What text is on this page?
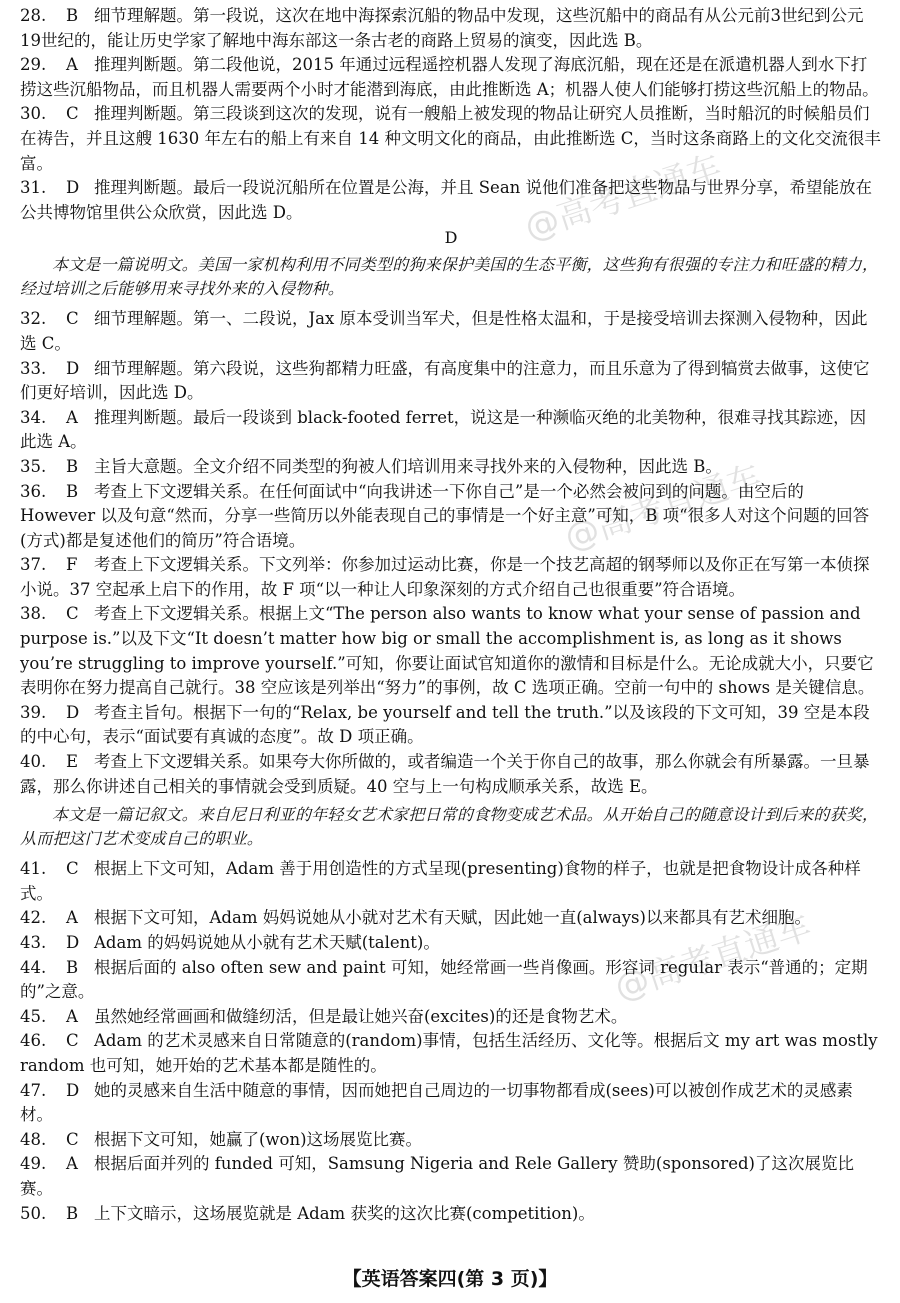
@高考直通车
@高考直通车
@高考直通车

28. B 细节理解题。第一段说，这次在地中海探索沉船的物品中发现，这些沉船中的商品有从公元前3世纪到公元19世纪的，能让历史学家了解地中海东部这一条古老的商路上贸易的演变，因此选 B。

29. A 推理判断题。第二段他说，2015 年通过远程遥控机器人发现了海底沉船，现在还是在派遣机器人到水下打捞这些沉船物品，而且机器人需要两个小时才能潜到海底，由此推断选 A；机器人使人们能够打捞这些沉船上的物品。

30. C 推理判断题。第三段谈到这次的发现，说有一艘船上被发现的物品让研究人员推断，当时船沉的时候船员们在祷告，并且这艘 1630 年左右的船上有来自 14 种文明文化的商品，由此推断选 C，当时这条商路上的文化交流很丰富。

31. D 推理判断题。最后一段说沉船所在位置是公海，并且 Sean 说他们准备把这些物品与世界分享，希望能放在公共博物馆里供公众欣赏，因此选 D。

D

本文是一篇说明文。美国一家机构利用不同类型的狗来保护美国的生态平衡，这些狗有很强的专注力和旺盛的精力，经过培训之后能够用来寻找外来的入侵物种。

32. C 细节理解题。第一、二段说，Jax 原本受训当军犬，但是性格太温和，于是接受培训去探测入侵物种，因此选 C。

33. D 细节理解题。第六段说，这些狗都精力旺盛，有高度集中的注意力，而且乐意为了得到犒赏去做事，这使它们更好培训，因此选 D。

34. A 推理判断题。最后一段谈到 black-footed ferret，说这是一种濒临灭绝的北美物种，很难寻找其踪迹，因此选 A。

35. B 主旨大意题。全文介绍不同类型的狗被人们培训用来寻找外来的入侵物种，因此选 B。

36. B 考查上下文逻辑关系。在任何面试中“向我讲述一下你自己”是一个必然会被问到的问题。由空后的 However 以及句意“然而，分享一些简历以外能表现自己的事情是一个好主意”可知，B 项“很多人对这个问题的回答(方式)都是复述他们的简历”符合语境。

37. F 考查上下文逻辑关系。下文列举：你参加过运动比赛，你是一个技艺高超的钢琴师以及你正在写第一本侦探小说。37 空起承上启下的作用，故 F 项“以一种让人印象深刻的方式介绍自己也很重要”符合语境。

38. C 考查上下文逻辑关系。根据上文“The person also wants to know what your sense of passion and purpose is.”以及下文“It doesn’t matter how big or small the accomplishment is, as long as it shows you’re struggling to improve yourself.”可知，你要让面试官知道你的激情和目标是什么。无论成就大小，只要它表明你在努力提高自己就行。38 空应该是列举出“努力”的事例，故 C 选项正确。空前一句中的 shows 是关键信息。

39. D 考查主旨句。根据下一句的“Relax, be yourself and tell the truth.”以及该段的下文可知，39 空是本段的中心句，表示“面试要有真诚的态度”。故 D 项正确。

40. E 考查上下文逻辑关系。如果夸大你所做的，或者编造一个关于你自己的故事，那么你就会有所暴露。一旦暴露，那么你讲述自己相关的事情就会受到质疑。40 空与上一句构成顺承关系，故选 E。

本文是一篇记叙文。来自尼日利亚的年轻女艺术家把日常的食物变成艺术品。从开始自己的随意设计到后来的获奖，从而把这门艺术变成自己的职业。

41. C 根据上下文可知，Adam 善于用创造性的方式呈现(presenting)食物的样子，也就是把食物设计成各种样式。

42. A 根据下文可知，Adam 妈妈说她从小就对艺术有天赋，因此她一直(always)以来都具有艺术细胞。

43. D Adam 的妈妈说她从小就有艺术天赋(talent)。

44. B 根据后面的 also often sew and paint 可知，她经常画一些肖像画。形容词 regular 表示“普通的；定期的”之意。

45. A 虽然她经常画画和做缝纫活，但是最让她兴奋(excites)的还是食物艺术。

46. C Adam 的艺术灵感来自日常随意的(random)事情，包括生活经历、文化等。根据后文 my art was mostly random 也可知，她开始的艺术基本都是随性的。

47. D 她的灵感来自生活中随意的事情，因而她把自己周边的一切事物都看成(sees)可以被创作成艺术的灵感素材。

48. C 根据下文可知，她赢了(won)这场展览比赛。

49. A 根据后面并列的 funded 可知，Samsung Nigeria and Rele Gallery 赞助(sponsored)了这次展览比赛。

50. B 上下文暗示，这场展览就是 Adam 获奖的这次比赛(competition)。

【英语答案四(第 3 页)】
